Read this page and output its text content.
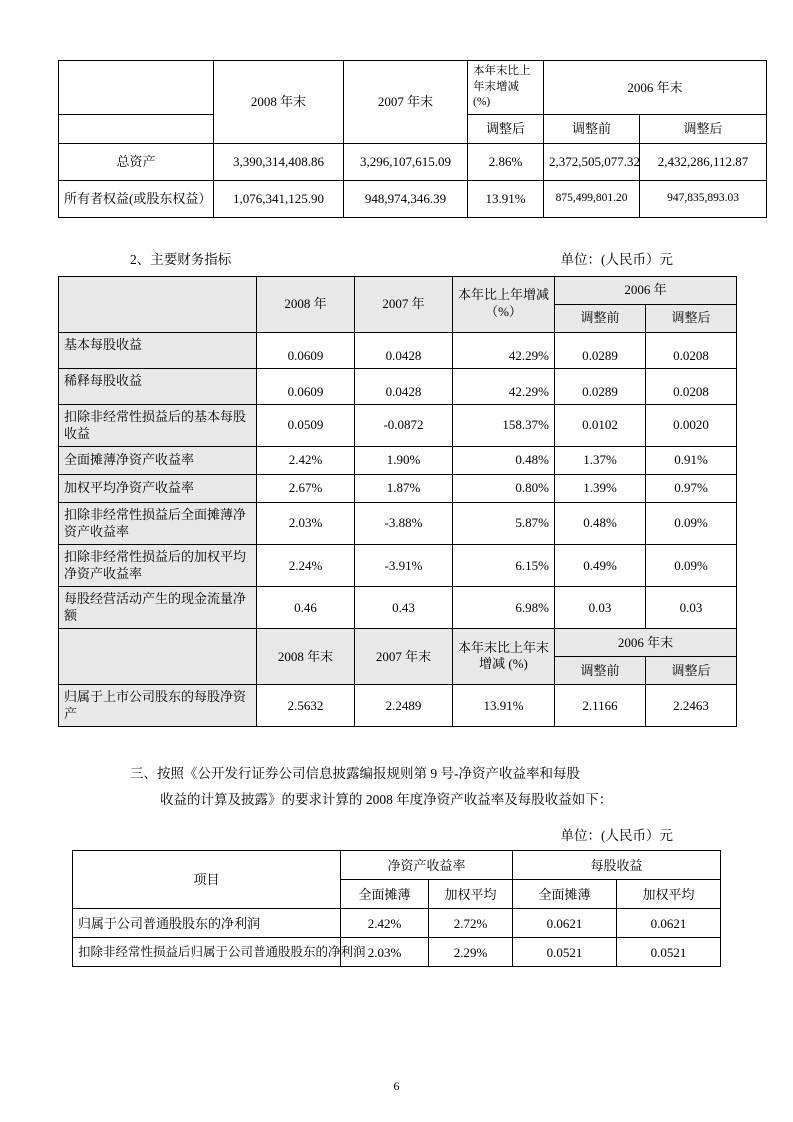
	2008 年末	2007 年末	本年末比上年末增减 (%)	2006 年末	
			调整后	调整前	调整后
总资产	3,390,314,408.86	3,296,107,615.09	2.86%	2,372,505,077.32	2,432,286,112.87
所有者权益(或股东权益）	1,076,341,125.90	948,974,346.39	13.91%	875,499,801.20	947,835,893.03
2、主要财务指标	单位：(人民币）元
	2008 年	2007 年	本年比上年增减（%）	2006 年	
				调整前	调整后
基本每股收益	0.0609	0.0428	42.29%	0.0289	0.0208
稀释每股收益	0.0609	0.0428	42.29%	0.0289	0.0208
扣除非经常性损益后的基本每股收益	0.0509	-0.0872	158.37%	0.0102	0.0020
全面摊薄净资产收益率	2.42%	1.90%	0.48%	1.37%	0.91%
加权平均净资产收益率	2.67%	1.87%	0.80%	1.39%	0.97%
扣除非经常性损益后全面摊薄净资产收益率	2.03%	-3.88%	5.87%	0.48%	0.09%
扣除非经常性损益后的加权平均净资产收益率	2.24%	-3.91%	6.15%	0.49%	0.09%
每股经营活动产生的现金流量净额	0.46	0.43	6.98%	0.03	0.03
	2008 年末	2007 年末	本年末比上年末增减 (%)	2006 年末	
				调整前	调整后
归属于上市公司股东的每股净资产	2.5632	2.2489	13.91%	2.1166	2.2463
三、按照《公开发行证券公司信息披露编报规则第 9 号-净资产收益率和每股
收益的计算及披露》的要求计算的 2008 年度净资产收益率及每股收益如下：
单位：(人民币）元
项目	净资产收益率		每股收益	
	全面摊薄	加权平均	全面摊薄	加权平均
归属于公司普通股股东的净利润	2.42%	2.72%	0.0621	0.0621
扣除非经常性损益后归属于公司普通股股东的净利润	2.03%	2.29%	0.0521	0.0521
6
